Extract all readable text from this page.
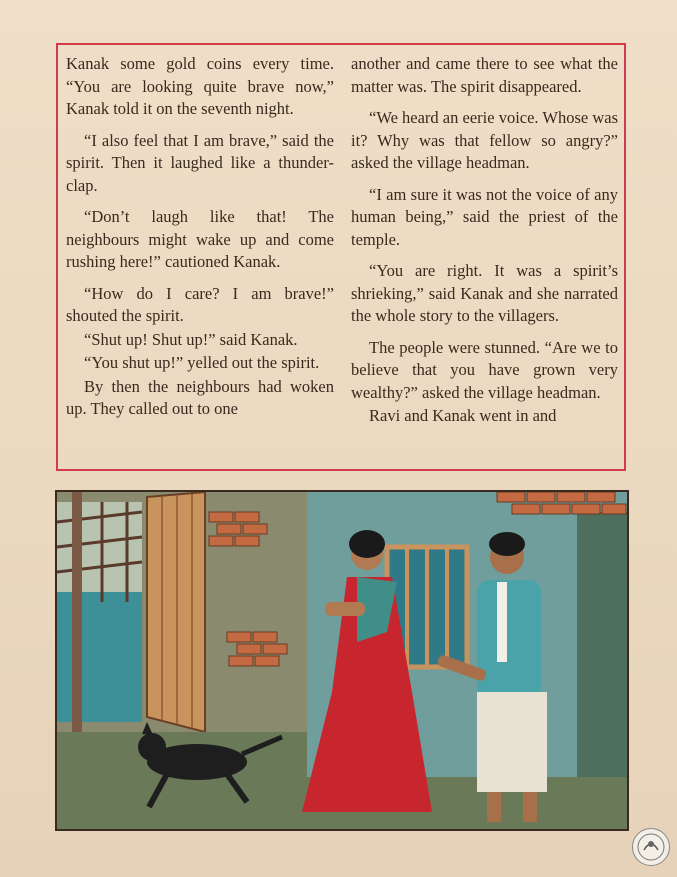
Kanak some gold coins every time. “You are looking quite brave now,” Kanak told it on the seventh night.

“I also feel that I am brave,” said the spirit. Then it laughed like a thunder-clap.

“Don’t laugh like that! The neighbours might wake up and come rushing here!” cautioned Kanak.

“How do I care? I am brave!” shouted the spirit.

“Shut up! Shut up!” said Kanak.

“You shut up!” yelled out the spirit.

By then the neighbours had woken up. They called out to one

another and came there to see what the matter was. The spirit disappeared.

“We heard an eerie voice. Whose was it? Why was that fellow so angry?” asked the village headman.

“I am sure it was not the voice of any human being,” said the priest of the temple.

“You are right. It was a spirit’s shrieking,” said Kanak and she narrated the whole story to the villagers.

The people were stunned. “Are we to believe that you have grown very wealthy?” asked the village headman.

Ravi and Kanak went in and
